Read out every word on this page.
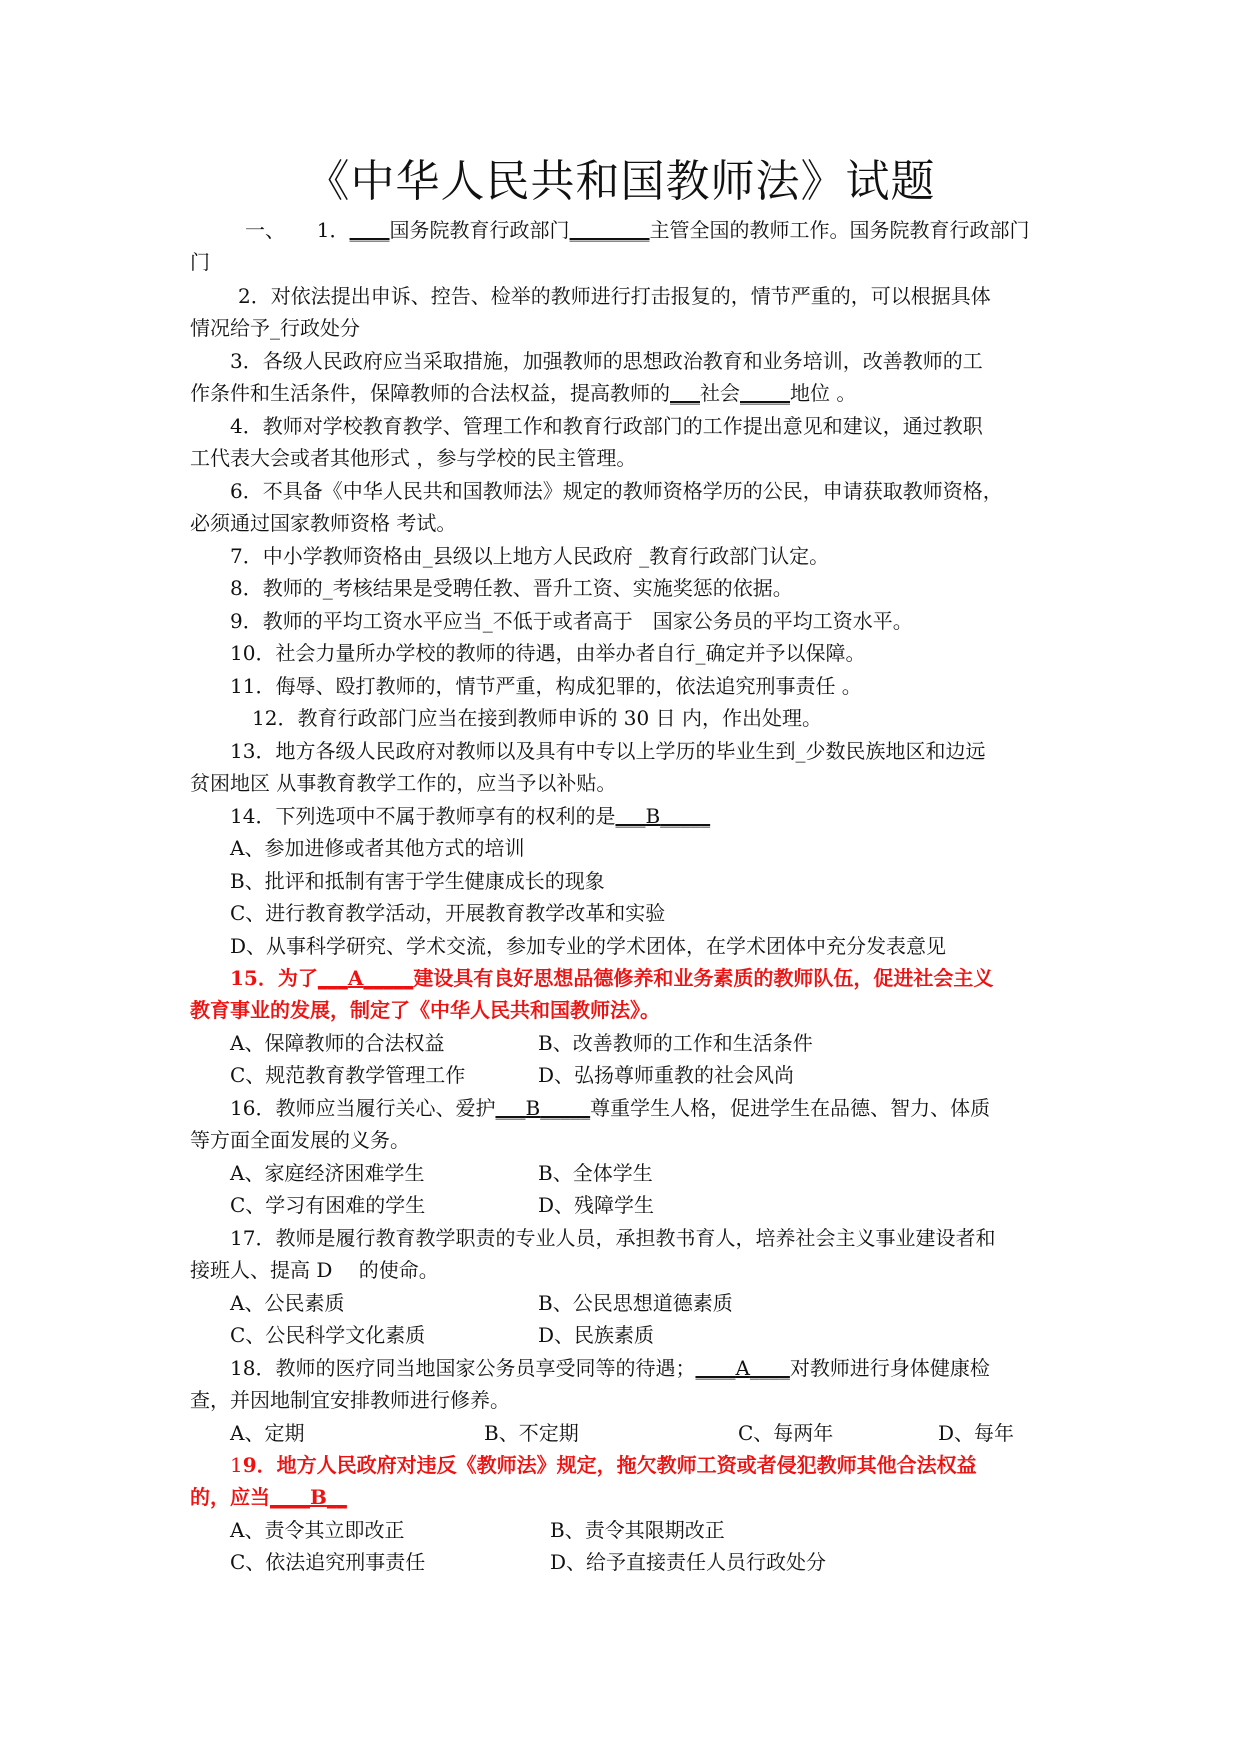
《中华人民共和国教师法》试题
一、 1．____国务院教育行政部门________主管全国的教师工作。国务院教育行政部门
门
2．对依法提出申诉、控告、检举的教师进行打击报复的，情节严重的，可以根据具体
情况给予_行政处分
3．各级人民政府应当采取措施，加强教师的思想政治教育和业务培训，改善教师的工
作条件和生活条件，保障教师的合法权益，提高教师的___社会_____地位 。
4．教师对学校教育教学、管理工作和教育行政部门的工作提出意见和建议，通过教职
工代表大会或者其他形式 ，参与学校的民主管理。
6．不具备《中华人民共和国教师法》规定的教师资格学历的公民，申请获取教师资格，
必须通过国家教师资格 考试。
7．中小学教师资格由_县级以上地方人民政府 _教育行政部门认定。
8．教师的_考核结果是受聘任教、晋升工资、实施奖惩的依据。
9．教师的平均工资水平应当_不低于或者高于　国家公务员的平均工资水平。
10．社会力量所办学校的教师的待遇，由举办者自行_确定并予以保障。
11．侮辱、殴打教师的，情节严重，构成犯罪的，依法追究刑事责任 。
12．教育行政部门应当在接到教师申诉的 30 日 内，作出处理。
13．地方各级人民政府对教师以及具有中专以上学历的毕业生到_少数民族地区和边远
贫困地区 从事教育教学工作的，应当予以补贴。
14．下列选项中不属于教师享有的权利的是___B_____
A、参加进修或者其他方式的培训
B、批评和抵制有害于学生健康成长的现象
C、进行教育教学活动，开展教育教学改革和实验
D、从事科学研究、学术交流，参加专业的学术团体，在学术团体中充分发表意见
15．为了___A_____建设具有良好思想品德修养和业务素质的教师队伍，促进社会主义
教育事业的发展，制定了《中华人民共和国教师法》。
A、保障教师的合法权益	B、改善教师的工作和生活条件
C、规范教育教学管理工作	D、弘扬尊师重教的社会风尚
16．教师应当履行关心、爱护___B_____尊重学生人格，促进学生在品德、智力、体质
等方面全面发展的义务。
A、家庭经济困难学生	B、全体学生
C、学习有困难的学生	D、残障学生
17．教师是履行教育教学职责的专业人员，承担教书育人，培养社会主义事业建设者和
接班人、提高 D　 的使命。
A、公民素质	B、公民思想道德素质
C、公民科学文化素质	D、民族素质
18．教师的医疗同当地国家公务员享受同等的待遇；____A____对教师进行身体健康检
查，并因地制宜安排教师进行修养。
A、定期	B、不定期	C、每两年	D、每年
19．地方人民政府对违反《教师法》规定，拖欠教师工资或者侵犯教师其他合法权益
的，应当____B__
A、责令其立即改正	B、责令其限期改正
C、依法追究刑事责任	D、给予直接责任人员行政处分
